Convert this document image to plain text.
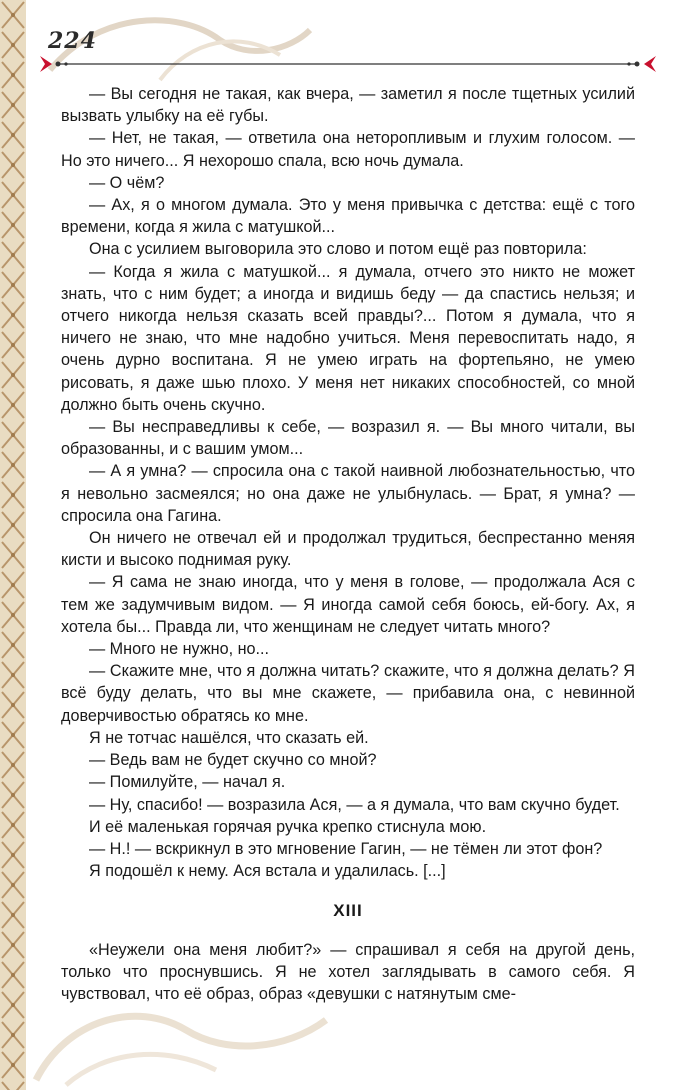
224

— Вы сегодня не такая, как вчера, — заметил я после тщетных усилий вызвать улыбку на её губы.

— Нет, не такая, — ответила она неторопливым и глухим голосом. — Но это ничего... Я нехорошо спала, всю ночь думала.

— О чём?

— Ах, я о многом думала. Это у меня привычка с детства: ещё с того времени, когда я жила с матушкой...

Она с усилием выговорила это слово и потом ещё раз повторила:

— Когда я жила с матушкой... я думала, отчего это никто не может знать, что с ним будет; а иногда и видишь беду — да спастись нельзя; и отчего никогда нельзя сказать всей правды?... Потом я думала, что я ничего не знаю, что мне надобно учиться. Меня перевоспитать надо, я очень дурно воспитана. Я не умею играть на фортепьяно, не умею рисовать, я даже шью плохо. У меня нет никаких способностей, со мной должно быть очень скучно.

— Вы несправедливы к себе, — возразил я. — Вы много читали, вы образованны, и с вашим умом...

— А я умна? — спросила она с такой наивной любознательностью, что я невольно засмеялся; но она даже не улыбнулась. — Брат, я умна? — спросила она Гагина.

Он ничего не отвечал ей и продолжал трудиться, беспрестанно меняя кисти и высоко поднимая руку.

— Я сама не знаю иногда, что у меня в голове, — продолжала Ася с тем же задумчивым видом. — Я иногда самой себя боюсь, ей-богу. Ах, я хотела бы... Правда ли, что женщинам не следует читать много?

— Много не нужно, но...

— Скажите мне, что я должна читать? скажите, что я должна делать? Я всё буду делать, что вы мне скажете, — прибавила она, с невинной доверчивостью обратясь ко мне.

Я не тотчас нашёлся, что сказать ей.

— Ведь вам не будет скучно со мной?

— Помилуйте, — начал я.

— Ну, спасибо! — возразила Ася, — а я думала, что вам скучно будет.

И её маленькая горячая ручка крепко стиснула мою.

— Н.! — вскрикнул в это мгновение Гагин, — не тёмен ли этот фон?

Я подошёл к нему. Ася встала и удалилась. [...]

XIII

«Неужели она меня любит?» — спрашивал я себя на другой день, только что проснувшись. Я не хотел заглядывать в самого себя. Я чувствовал, что её образ, образ «девушки с натянутым сме-
